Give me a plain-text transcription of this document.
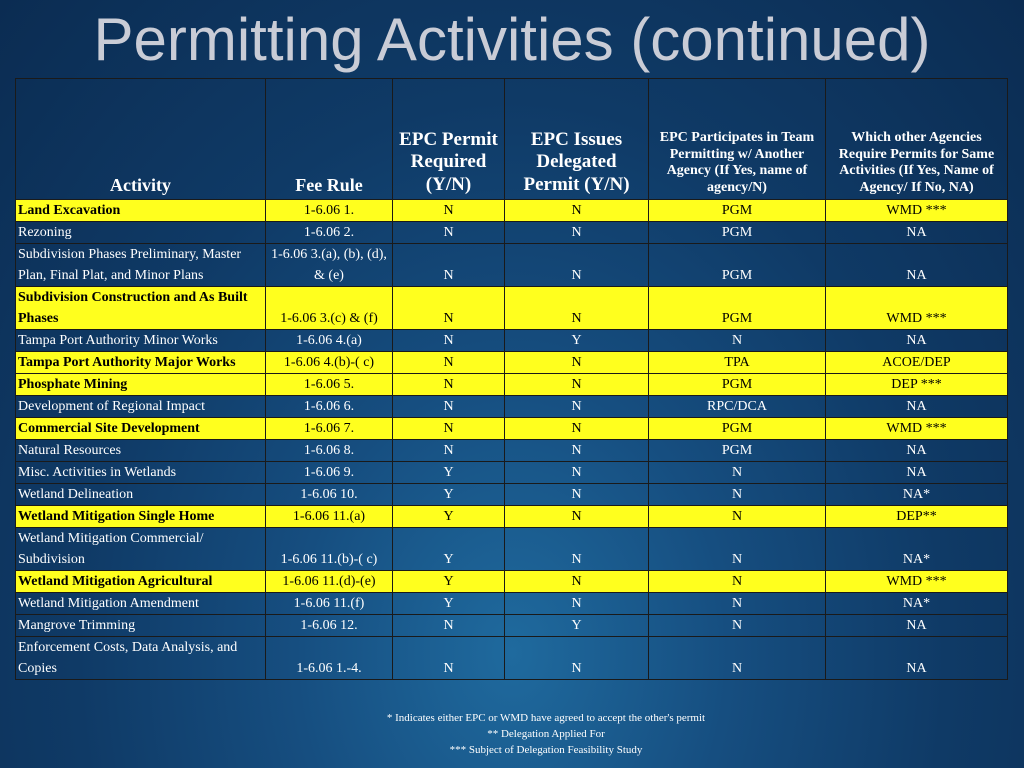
Permitting Activities (continued)
Activity	Fee Rule	EPC Permit Required (Y/N)	EPC Issues Delegated Permit (Y/N)	EPC Participates in Team Permitting w/ Another Agency (If Yes, name of agency/N)	Which other Agencies Require Permits for Same Activities (If Yes, Name of Agency/ If No, NA)
Land Excavation	1-6.06 1.	N	N	PGM	WMD ***
Rezoning	1-6.06 2.	N	N	PGM	NA
Subdivision Phases Preliminary, Master Plan, Final Plat, and Minor Plans	1-6.06 3.(a), (b), (d), & (e)	N	N	PGM	NA
Subdivision Construction and As Built Phases	1-6.06 3.(c) & (f)	N	N	PGM	WMD ***
Tampa Port Authority Minor Works	1-6.06 4.(a)	N	Y	N	NA
Tampa Port Authority Major Works	1-6.06 4.(b)-( c)	N	N	TPA	ACOE/DEP
Phosphate Mining	1-6.06 5.	N	N	PGM	DEP ***
Development of Regional Impact	1-6.06 6.	N	N	RPC/DCA	NA
Commercial Site Development	1-6.06 7.	N	N	PGM	WMD ***
Natural Resources	1-6.06 8.	N	N	PGM	NA
Misc. Activities in Wetlands	1-6.06 9.	Y	N	N	NA
Wetland Delineation	1-6.06 10.	Y	N	N	NA*
Wetland Mitigation Single Home	1-6.06 11.(a)	Y	N	N	DEP**
Wetland Mitigation Commercial/ Subdivision	1-6.06 11.(b)-( c)	Y	N	N	NA*
Wetland Mitigation Agricultural	1-6.06 11.(d)-(e)	Y	N	N	WMD ***
Wetland Mitigation Amendment	1-6.06 11.(f)	Y	N	N	NA*
Mangrove Trimming	1-6.06 12.	N	Y	N	NA
Enforcement Costs, Data Analysis, and Copies	1-6.06 1.-4.	N	N	N	NA
* Indicates either EPC or WMD have agreed to accept the other's permit
** Delegation Applied For
*** Subject of Delegation Feasibility Study
